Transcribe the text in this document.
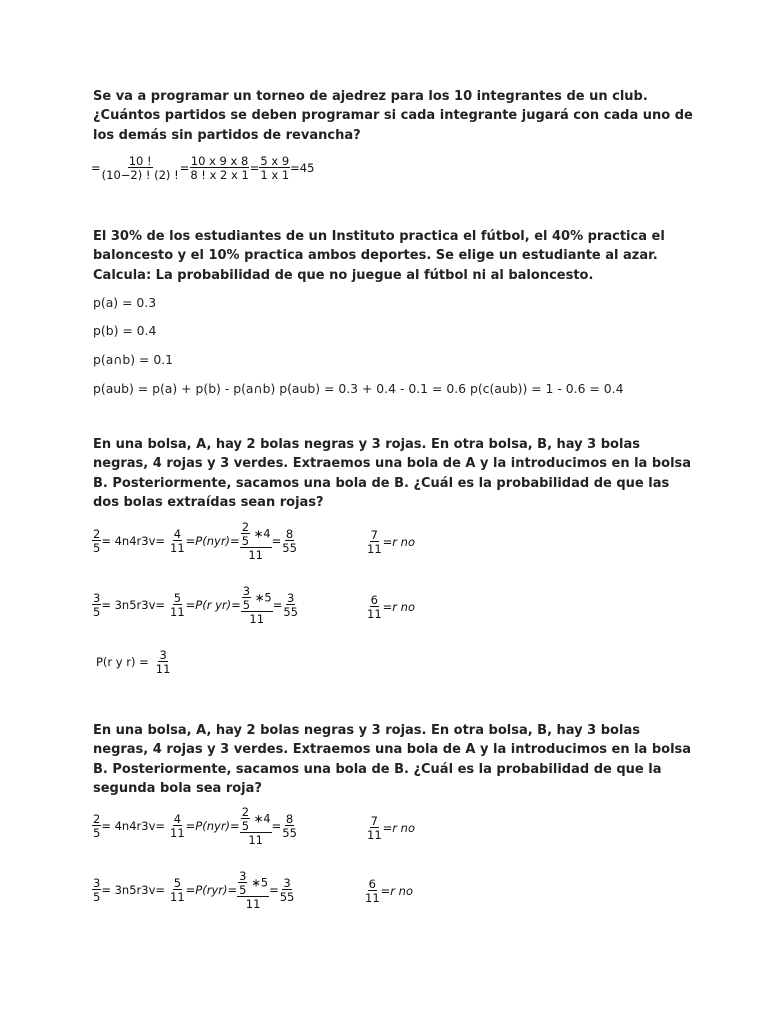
Se va a programar un torneo de ajedrez para los 10 integrantes de un club. ¿Cuántos partidos se deben programar si cada integrante jugará con cada uno de los demás sin partidos de revancha?
= $\frac{10 !}{(10-2) ! (2) !} = \frac{10 x 9 x 8}{8 ! x 2 x 1} = \frac{5 x 9}{1 x 1} =45$
El 30% de los estudiantes de un Instituto practica el fútbol, el 40% practica el baloncesto y el 10% practica ambos deportes. Se elige un estudiante al azar. Calcula: La probabilidad de que no juegue al fútbol ni al baloncesto.
p(a) = 0.3
p(b) = 0.4
p(a∩b) = 0.1
p(aub) = p(a) + p(b) - p(a∩b) p(aub) = 0.3 + 0.4 - 0.1 = 0.6 p(c(aub)) = 1 - 0.6 = 0.4
En una bolsa, A, hay 2 bolas negras y 3 rojas. En otra bolsa, B, hay 3 bolas negras, 4 rojas y 3 verdes. Extraemos una bola de A y la introducimos en la bolsa B. Posteriormente, sacamos una bola de B. ¿Cuál es la probabilidad de que las dos bolas extraídas sean rojas?
$\frac{2}{5} = 4n4r3v= \frac{4}{11} =P(nyr)= \frac{\frac{2}{5} ∗4}{11} = \frac{8}{55}$	$\frac{7}{11} =r$ no
$\frac{3}{5} = 3n5r3v= \frac{5}{11} =P(r$ $yr)= \frac{\frac{3}{5} ∗5}{11} = \frac{3}{55}$	$\frac{6}{11} =r$ no
P(r y $r) = \frac{3}{11}$
En una bolsa, A, hay 2 bolas negras y 3 rojas. En otra bolsa, B, hay 3 bolas negras, 4 rojas y 3 verdes. Extraemos una bola de A y la introducimos en la bolsa B. Posteriormente, sacamos una bola de B. ¿Cuál es la probabilidad de que la segunda bola sea roja?
$\frac{2}{5} = 4n4r3v= \frac{4}{11} =P(nyr)= \frac{\frac{2}{5} ∗4}{11} = \frac{8}{55}$	$\frac{7}{11} =r$ no
$\frac{3}{5} = 3n5r3v= \frac{5}{11} =P(ryr)= \frac{\frac{3}{5} ∗5}{11} = \frac{3}{55}$	$\frac{6}{11} =r$ no
